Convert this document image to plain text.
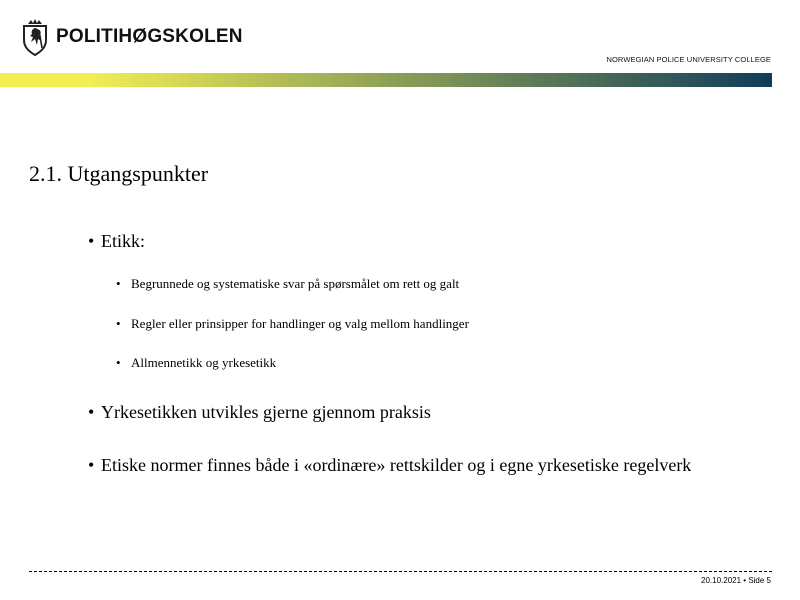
POLITIHØGSKOLEN
NORWEGIAN POLICE UNIVERSITY COLLEGE
2.1. Utgangspunkter
• Etikk:
• Begrunnede og systematiske svar på spørsmålet om rett og galt
• Regler eller prinsipper for handlinger og valg mellom handlinger
• Allmennetikk og yrkesetikk
• Yrkesetikken utvikles gjerne gjennom praksis
• Etiske normer finnes både i «ordinære» rettskilder og i egne yrkesetiske regelverk
20.10.2021 • Side 5
